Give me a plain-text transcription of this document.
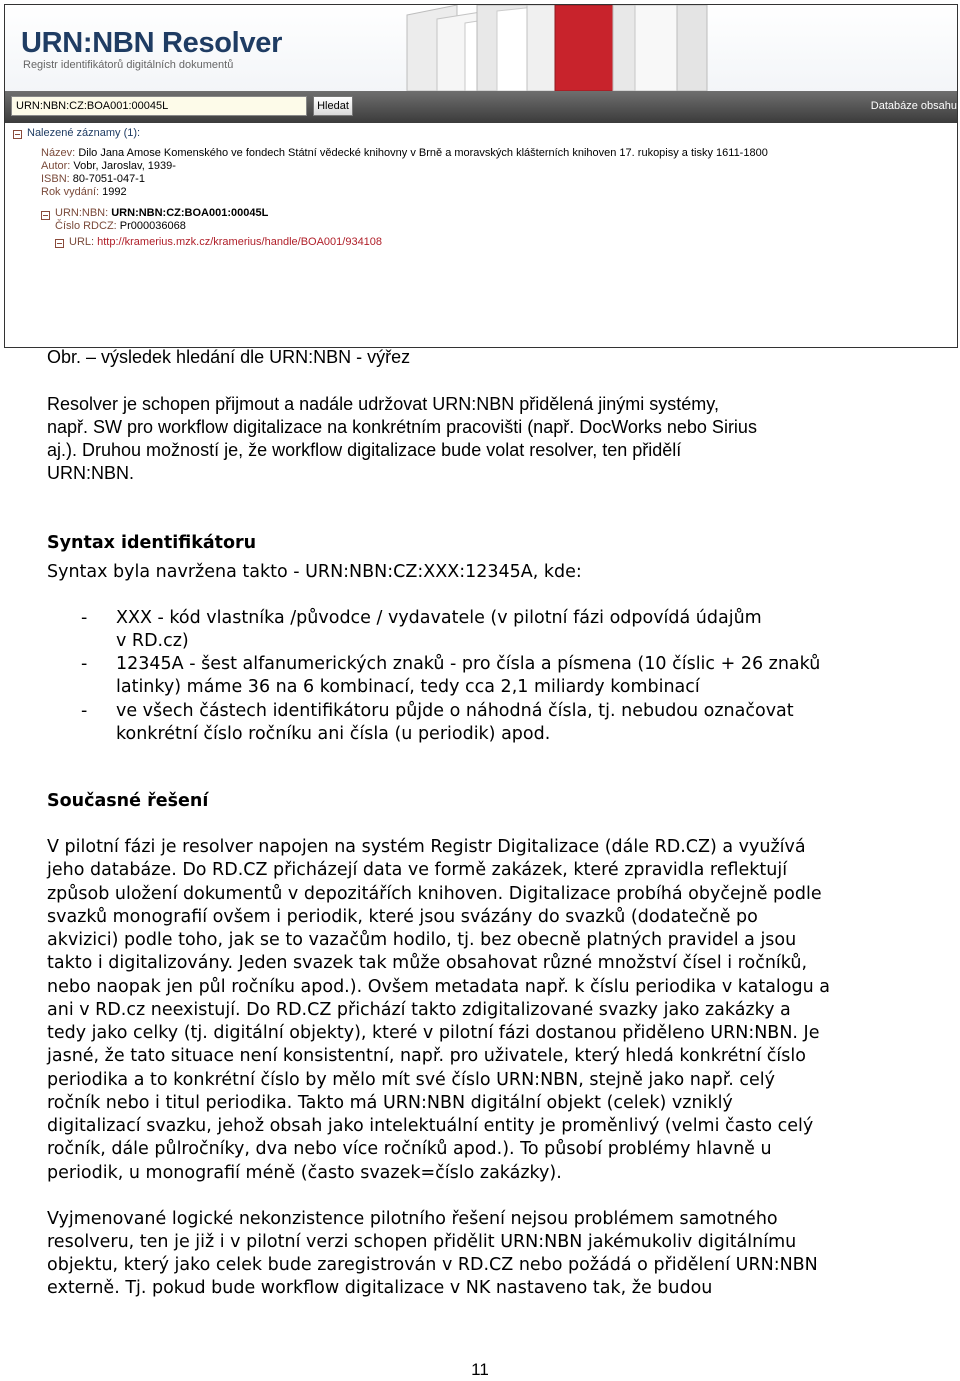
URN:NBN Resolver
Registr identifikátorů digitálních dokumentů
URN:NBN:CZ:BOA001:00045L	Hledat	Databáze obsahu
Nalezené záznamy (1):
Název: Dilo Jana Amose Komenského ve fondech Státní vědecké knihovny v Brně a moravských klášterních knihoven 17. rukopisy a tisky 1611-1800
Autor: Vobr, Jaroslav, 1939-
ISBN: 80-7051-047-1
Rok vydání: 1992
URN:NBN: URN:NBN:CZ:BOA001:00045L
Číslo RDCZ: Pr000036068
URL: http://kramerius.mzk.cz/kramerius/handle/BOA001/934108
Obr. – výsledek hledání dle URN:NBN - výřez
Resolver je schopen přijmout a nadále udržovat URN:NBN přidělená jinými systémy,
např. SW pro workflow digitalizace na konkrétním pracovišti (např. DocWorks nebo Sirius
aj.). Druhou možností je, že workflow digitalizace bude volat resolver, ten přidělí
URN:NBN.
Syntax identifikátoru
Syntax byla navržena takto - URN:NBN:CZ:XXX:12345A, kde:
- XXX - kód vlastníka /původce / vydavatele (v pilotní fázi odpovídá údajům
v RD.cz)
- 12345A - šest alfanumerických znaků - pro čísla a písmena (10 číslic + 26 znaků
latinky) máme 36 na 6 kombinací, tedy cca 2,1 miliardy kombinací
- ve všech částech identifikátoru půjde o náhodná čísla, tj. nebudou označovat
konkrétní číslo ročníku ani čísla (u periodik) apod.
Současné řešení
V pilotní fázi je resolver napojen na systém Registr Digitalizace (dále RD.CZ) a využívá
jeho databáze. Do RD.CZ přicházejí data ve formě zakázek, které zpravidla reflektují
způsob uložení dokumentů v depozitářích knihoven. Digitalizace probíhá obyčejně podle
svazků monografií ovšem i periodik, které jsou svázány do svazků (dodatečně po
akvizici) podle toho, jak se to vazačům hodilo, tj. bez obecně platných pravidel a jsou
takto i digitalizovány. Jeden svazek tak může obsahovat různé množství čísel i ročníků,
nebo naopak jen půl ročníku apod.). Ovšem metadata např. k číslu periodika v katalogu a
ani v RD.cz neexistují. Do RD.CZ přichází takto zdigitalizované svazky jako zakázky a
tedy jako celky (tj. digitální objekty), které v pilotní fázi dostanou přiděleno URN:NBN. Je
jasné, že tato situace není konsistentní, např. pro uživatele, který hledá konkrétní číslo
periodika a to konkrétní číslo by mělo mít své číslo URN:NBN, stejně jako např. celý
ročník nebo i titul periodika. Takto má URN:NBN digitální objekt (celek) vzniklý
digitalizací svazku, jehož obsah jako intelektuální entity je proměnlivý (velmi často celý
ročník, dále půlročníky, dva nebo více ročníků apod.). To působí problémy hlavně u
periodik, u monografií méně (často svazek=číslo zakázky).
Vyjmenované logické nekonzistence pilotního řešení nejsou problémem samotného
resolveru, ten je již i v pilotní verzi schopen přidělit URN:NBN jakémukoliv digitálnímu
objektu, který jako celek bude zaregistrován v RD.CZ nebo požádá o přidělení URN:NBN
externě. Tj. pokud bude workflow digitalizace v NK nastaveno tak, že budou
11
